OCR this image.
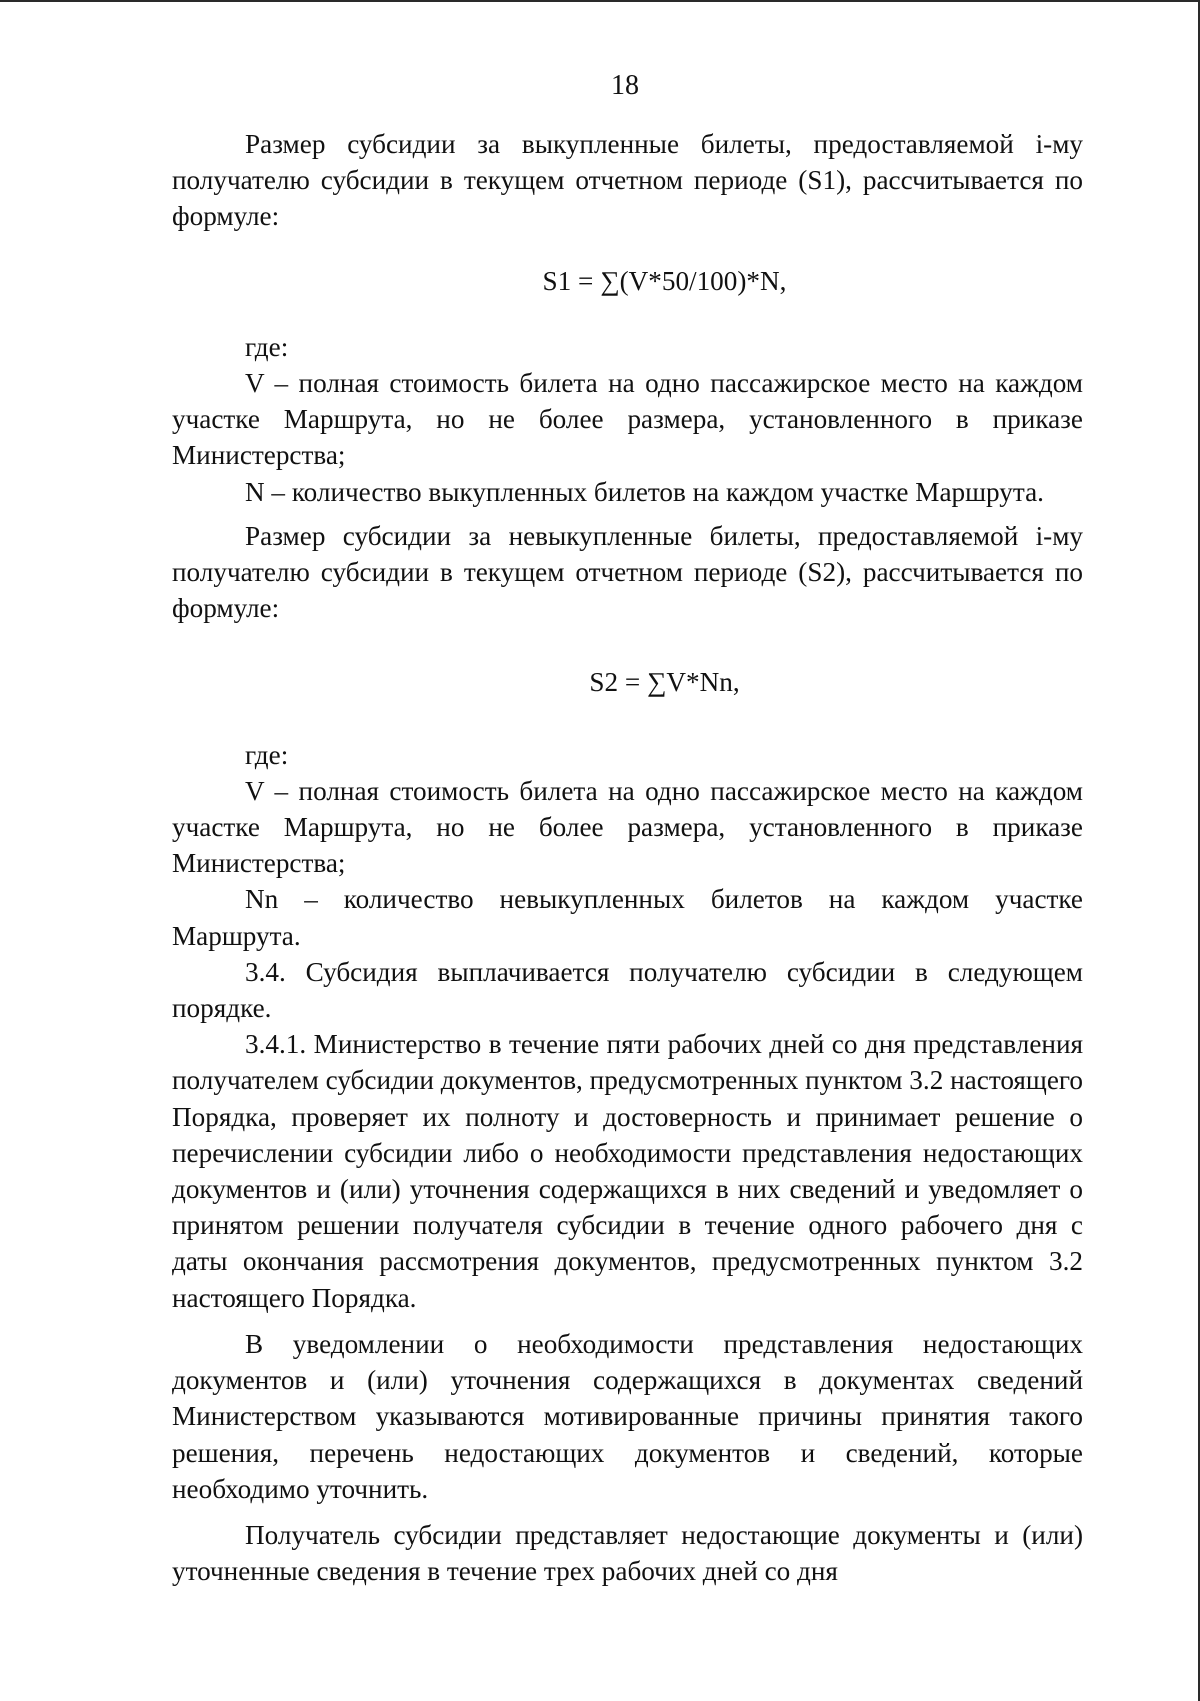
18

Размер субсидии за выкупленные билеты, предоставляемой i-му получателю субсидии в текущем отчетном периоде (S1), рассчитывается по формуле:

S1 = ∑(V*50/100)*N,

где:

V – полная стоимость билета на одно пассажирское место на каждом участке Маршрута, но не более размера, установленного в приказе Министерства;

N – количество выкупленных билетов на каждом участке Маршрута.

Размер субсидии за невыкупленные билеты, предоставляемой i-му получателю субсидии в текущем отчетном периоде (S2), рассчитывается по формуле:

S2 = ∑V*Nn,

где:

V – полная стоимость билета на одно пассажирское место на каждом участке Маршрута, но не более размера, установленного в приказе Министерства;

Nn – количество невыкупленных билетов на каждом участке Маршрута.

3.4. Субсидия выплачивается получателю субсидии в следующем порядке.

3.4.1. Министерство в течение пяти рабочих дней со дня представления получателем субсидии документов, предусмотренных пунктом 3.2 настоящего Порядка, проверяет их полноту и достоверность и принимает решение о перечислении субсидии либо о необходимости представления недостающих документов и (или) уточнения содержащихся в них сведений и уведомляет о принятом решении получателя субсидии в течение одного рабочего дня с даты окончания рассмотрения документов, предусмотренных пунктом 3.2 настоящего Порядка.

В уведомлении о необходимости представления недостающих документов и (или) уточнения содержащихся в документах сведений Министерством указываются мотивированные причины принятия такого решения, перечень недостающих документов и сведений, которые необходимо уточнить.

Получатель субсидии представляет недостающие документы и (или) уточненные сведения в течение трех рабочих дней со дня
